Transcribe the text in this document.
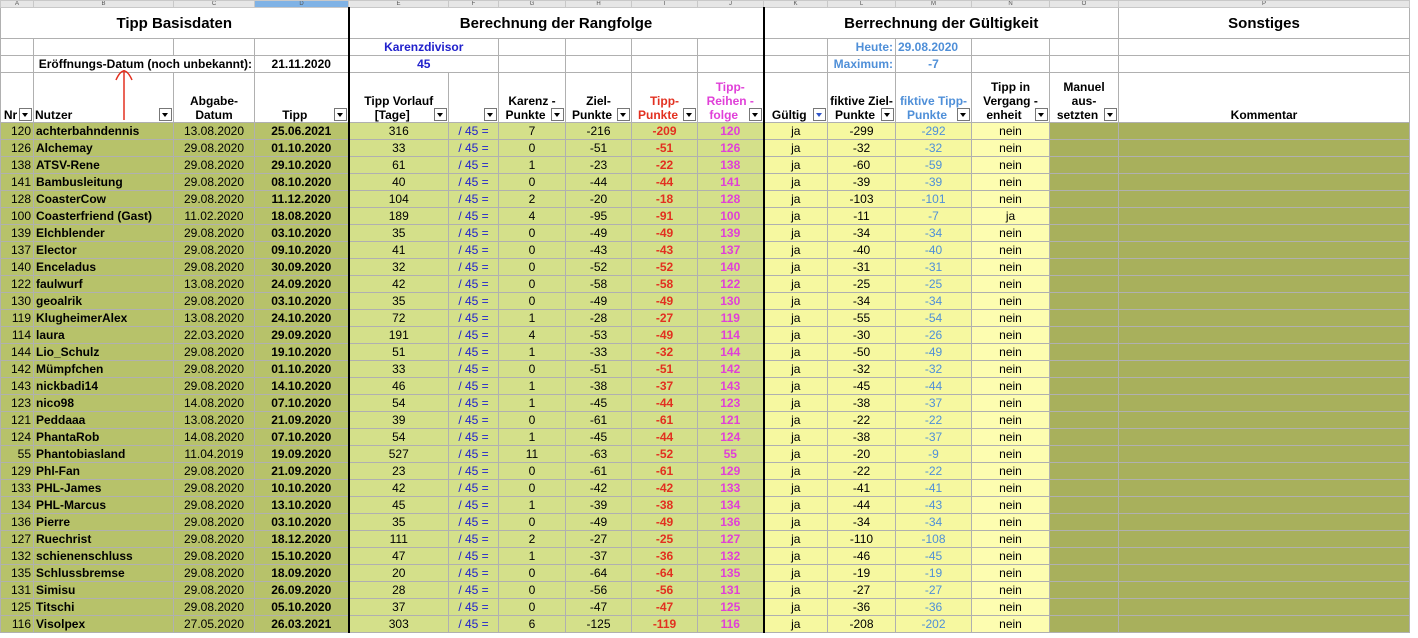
A	B	C	D	E	F	G	H	I	J	K	L	M	N	O	P
Tipp Basisdaten				Berechnung der Rangfolge						Berrechnung der Gültigkeit					Sonstiges
				Karenzdivisor							Heute:	29.08.2020			
	Eröffnungs-Datum (noch unbekannt):		21.11.2020	45							Maximum:	-7			
Nr	Nutzer	Abgabe-Datum	Tipp	Tipp Vorlauf [Tage]		Karenz -Punkte	Ziel-Punkte	Tipp-Punkte	Tipp-Reihen -folge	Gültig	fiktive Ziel-Punkte	fiktive Tipp-Punkte	Tipp in Vergang -enheit	Manuel aus-setzten	Kommentar
120	achterbahndennis	13.08.2020	25.06.2021	316	/ 45 =	7	-216	-209	120	ja	-299	-292	nein		
126	Alchemay	29.08.2020	01.10.2020	33	/ 45 =	0	-51	-51	126	ja	-32	-32	nein		
138	ATSV-Rene	29.08.2020	29.10.2020	61	/ 45 =	1	-23	-22	138	ja	-60	-59	nein		
141	Bambusleitung	29.08.2020	08.10.2020	40	/ 45 =	0	-44	-44	141	ja	-39	-39	nein		
128	CoasterCow	29.08.2020	11.12.2020	104	/ 45 =	2	-20	-18	128	ja	-103	-101	nein		
100	Coasterfriend (Gast)	11.02.2020	18.08.2020	189	/ 45 =	4	-95	-91	100	ja	-11	-7	ja		
139	Elchblender	29.08.2020	03.10.2020	35	/ 45 =	0	-49	-49	139	ja	-34	-34	nein		
137	Elector	29.08.2020	09.10.2020	41	/ 45 =	0	-43	-43	137	ja	-40	-40	nein		
140	Enceladus	29.08.2020	30.09.2020	32	/ 45 =	0	-52	-52	140	ja	-31	-31	nein		
122	faulwurf	13.08.2020	24.09.2020	42	/ 45 =	0	-58	-58	122	ja	-25	-25	nein		
130	geoalrik	29.08.2020	03.10.2020	35	/ 45 =	0	-49	-49	130	ja	-34	-34	nein		
119	KlugheimerAlex	13.08.2020	24.10.2020	72	/ 45 =	1	-28	-27	119	ja	-55	-54	nein		
114	laura	22.03.2020	29.09.2020	191	/ 45 =	4	-53	-49	114	ja	-30	-26	nein		
144	Lio_Schulz	29.08.2020	19.10.2020	51	/ 45 =	1	-33	-32	144	ja	-50	-49	nein		
142	Mümpfchen	29.08.2020	01.10.2020	33	/ 45 =	0	-51	-51	142	ja	-32	-32	nein		
143	nickbadi14	29.08.2020	14.10.2020	46	/ 45 =	1	-38	-37	143	ja	-45	-44	nein		
123	nico98	14.08.2020	07.10.2020	54	/ 45 =	1	-45	-44	123	ja	-38	-37	nein		
121	Peddaaa	13.08.2020	21.09.2020	39	/ 45 =	0	-61	-61	121	ja	-22	-22	nein		
124	PhantaRob	14.08.2020	07.10.2020	54	/ 45 =	1	-45	-44	124	ja	-38	-37	nein		
55	Phantobiasland	11.04.2019	19.09.2020	527	/ 45 =	11	-63	-52	55	ja	-20	-9	nein		
129	Phl-Fan	29.08.2020	21.09.2020	23	/ 45 =	0	-61	-61	129	ja	-22	-22	nein		
133	PHL-James	29.08.2020	10.10.2020	42	/ 45 =	0	-42	-42	133	ja	-41	-41	nein		
134	PHL-Marcus	29.08.2020	13.10.2020	45	/ 45 =	1	-39	-38	134	ja	-44	-43	nein		
136	Pierre	29.08.2020	03.10.2020	35	/ 45 =	0	-49	-49	136	ja	-34	-34	nein		
127	Ruechrist	29.08.2020	18.12.2020	111	/ 45 =	2	-27	-25	127	ja	-110	-108	nein		
132	schienenschluss	29.08.2020	15.10.2020	47	/ 45 =	1	-37	-36	132	ja	-46	-45	nein		
135	Schlussbremse	29.08.2020	18.09.2020	20	/ 45 =	0	-64	-64	135	ja	-19	-19	nein		
131	Simisu	29.08.2020	26.09.2020	28	/ 45 =	0	-56	-56	131	ja	-27	-27	nein		
125	Titschi	29.08.2020	05.10.2020	37	/ 45 =	0	-47	-47	125	ja	-36	-36	nein		
116	Visolpex	27.05.2020	26.03.2021	303	/ 45 =	6	-125	-119	116	ja	-208	-202	nein		
